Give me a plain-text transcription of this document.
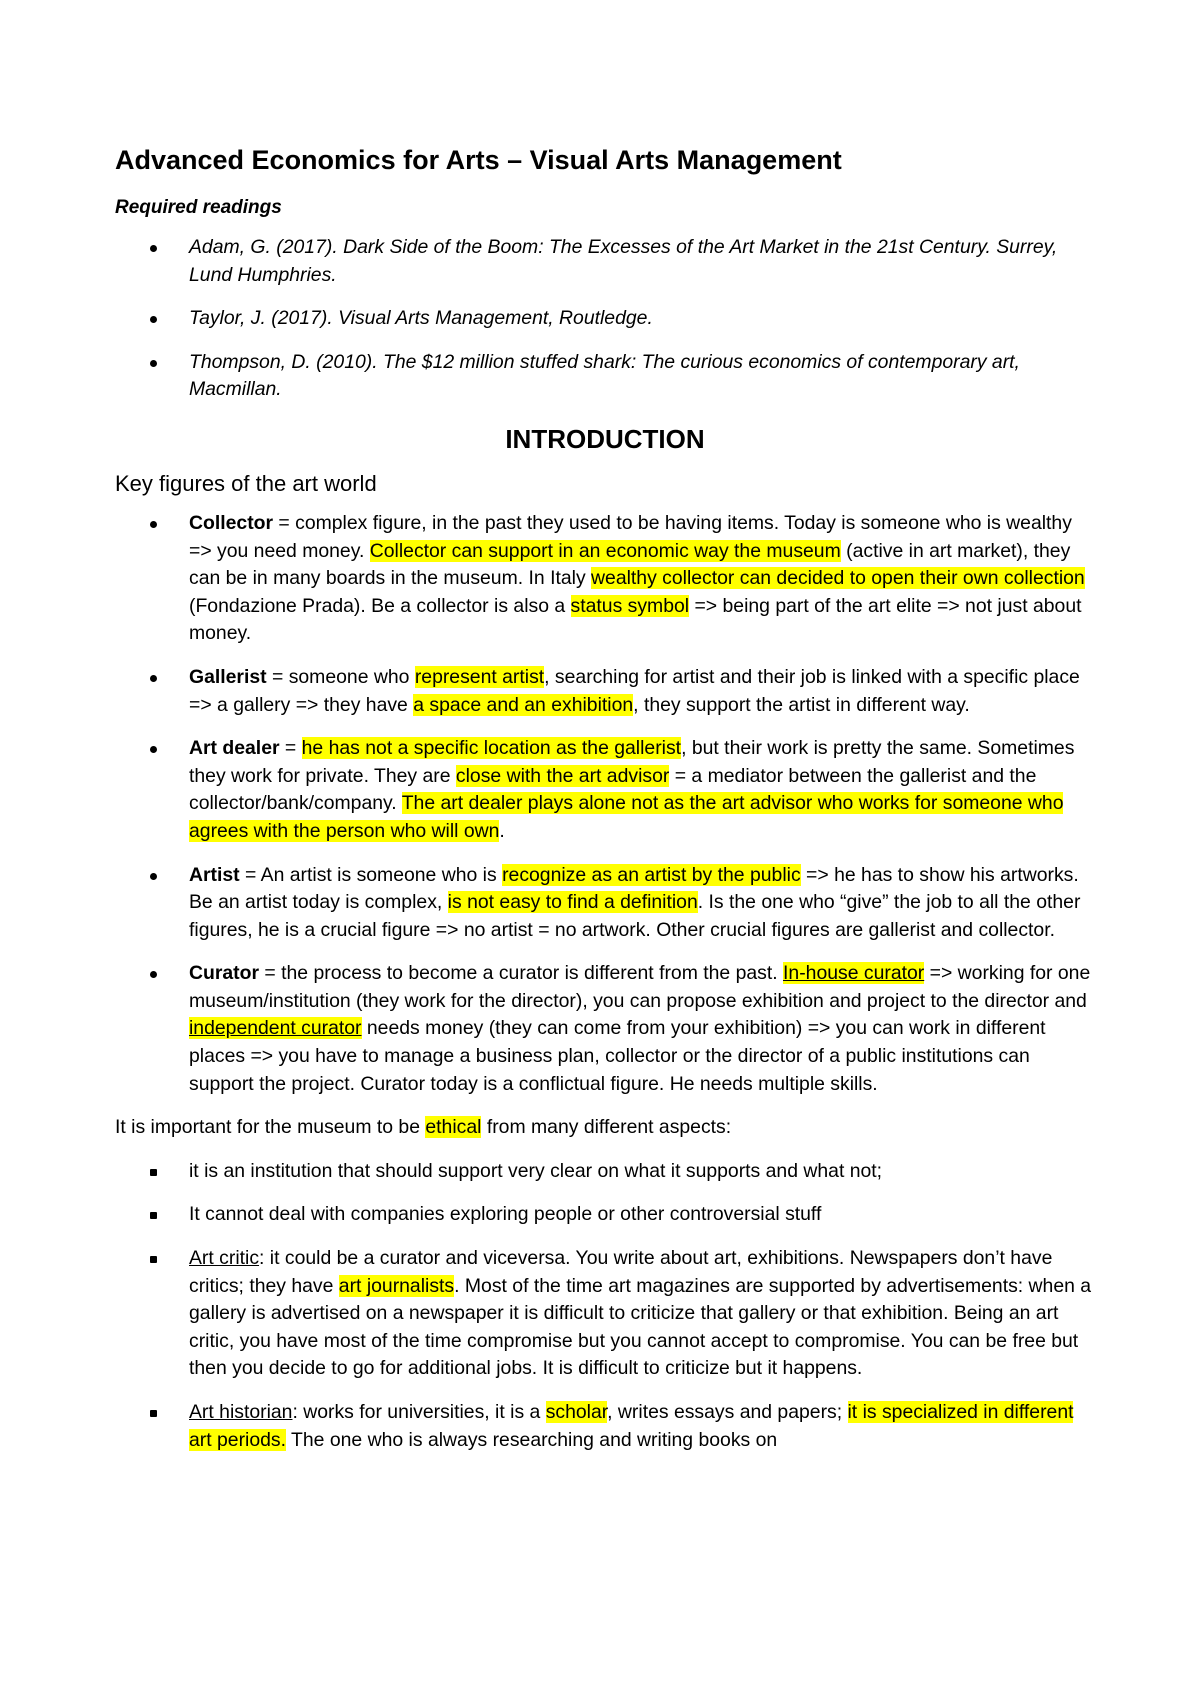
Advanced Economics for Arts – Visual Arts Management
Required readings
Adam, G. (2017). Dark Side of the Boom: The Excesses of the Art Market in the 21st Century. Surrey, Lund Humphries.
Taylor, J. (2017). Visual Arts Management, Routledge.
Thompson, D. (2010). The $12 million stuffed shark: The curious economics of contemporary art, Macmillan.
INTRODUCTION
Key figures of the art world
Collector = complex figure, in the past they used to be having items. Today is someone who is wealthy => you need money. Collector can support in an economic way the museum (active in art market), they can be in many boards in the museum. In Italy wealthy collector can decided to open their own collection (Fondazione Prada). Be a collector is also a status symbol => being part of the art elite => not just about money.
Gallerist = someone who represent artist, searching for artist and their job is linked with a specific place => a gallery => they have a space and an exhibition, they support the artist in different way.
Art dealer = he has not a specific location as the gallerist, but their work is pretty the same. Sometimes they work for private. They are close with the art advisor = a mediator between the gallerist and the collector/bank/company. The art dealer plays alone not as the art advisor who works for someone who agrees with the person who will own.
Artist = An artist is someone who is recognize as an artist by the public => he has to show his artworks. Be an artist today is complex, is not easy to find a definition. Is the one who “give” the job to all the other figures, he is a crucial figure => no artist = no artwork. Other crucial figures are gallerist and collector.
Curator = the process to become a curator is different from the past. In-house curator => working for one museum/institution (they work for the director), you can propose exhibition and project to the director and independent curator needs money (they can come from your exhibition) => you can work in different places => you have to manage a business plan, collector or the director of a public institutions can support the project. Curator today is a conflictual figure. He needs multiple skills.

It is important for the museum to be ethical from many different aspects:

it is an institution that should support very clear on what it supports and what not;
It cannot deal with companies exploring people or other controversial stuff
Art critic: it could be a curator and viceversa. You write about art, exhibitions. Newspapers don’t have critics; they have art journalists. Most of the time art magazines are supported by advertisements: when a gallery is advertised on a newspaper it is difficult to criticize that gallery or that exhibition. Being an art critic, you have most of the time compromise but you cannot accept to compromise. You can be free but then you decide to go for additional jobs. It is difficult to criticize but it happens.
Art historian: works for universities, it is a scholar, writes essays and papers; it is specialized in different art periods. The one who is always researching and writing books on
